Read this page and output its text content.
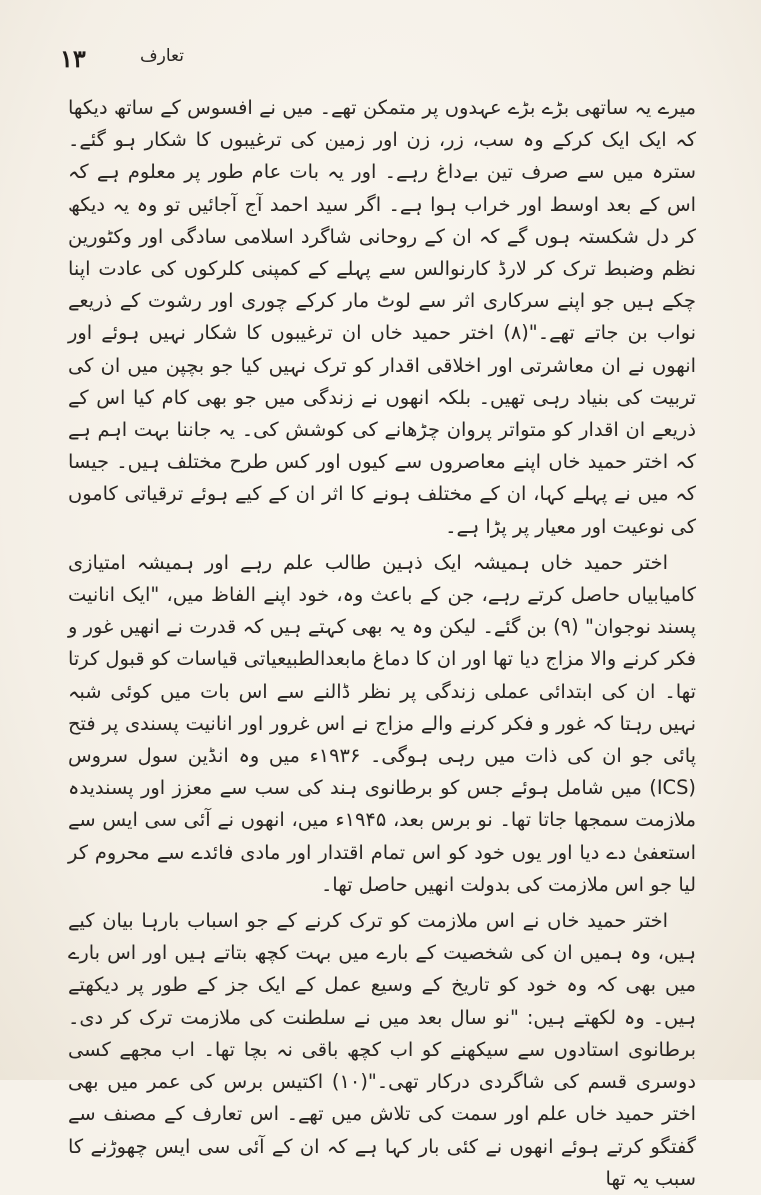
۱۳	تعارف

میرے یہ ساتھی بڑے بڑے عہدوں پر متمکن تھے۔ میں نے افسوس کے ساتھ دیکھا کہ ایک ایک کرکے وہ سب، زر، زن اور زمین کی ترغیبوں کا شکار ہو گئے۔ سترہ میں سے صرف تین بےداغ رہے۔ اور یہ بات عام طور پر معلوم ہے کہ اس کے بعد اوسط اور خراب ہوا ہے۔ اگر سید احمد آج آجائیں تو وہ یہ دیکھ کر دل شکستہ ہوں گے کہ ان کے روحانی شاگرد اسلامی سادگی اور وکٹورین نظم وضبط ترک کر لارڈ کارنوالس سے پہلے کے کمپنی کلرکوں کی عادت اپنا چکے ہیں جو اپنے سرکاری اثر سے لوٹ مار کرکے چوری اور رشوت کے ذریعے نواب بن جاتے تھے۔"(۸) اختر حمید خاں ان ترغیبوں کا شکار نہیں ہوئے اور انھوں نے ان معاشرتی اور اخلاقی اقدار کو ترک نہیں کیا جو بچپن میں ان کی تربیت کی بنیاد رہی تھیں۔ بلکہ انھوں نے زندگی میں جو بھی کام کیا اس کے ذریعے ان اقدار کو متواتر پروان چڑھانے کی کوشش کی۔ یہ جاننا بہت اہم ہے کہ اختر حمید خاں اپنے معاصروں سے کیوں اور کس طرح مختلف ہیں۔ جیسا کہ میں نے پہلے کہا، ان کے مختلف ہونے کا اثر ان کے کیے ہوئے ترقیاتی کاموں کی نوعیت اور معیار پر پڑا ہے۔

اختر حمید خاں ہمیشہ ایک ذہین طالب علم رہے اور ہمیشہ امتیازی کامیابیاں حاصل کرتے رہے، جن کے باعث وہ، خود اپنے الفاظ میں، "ایک انانیت پسند نوجوان" (۹) بن گئے۔ لیکن وہ یہ بھی کہتے ہیں کہ قدرت نے انھیں غور و فکر کرنے والا مزاج دیا تھا اور ان کا دماغ مابعدالطبیعیاتی قیاسات کو قبول کرتا تھا۔ ان کی ابتدائی عملی زندگی پر نظر ڈالنے سے اس بات میں کوئی شبہ نہیں رہتا کہ غور و فکر کرنے والے مزاج نے اس غرور اور انانیت پسندی پر فتح پائی جو ان کی ذات میں رہی ہوگی۔ ۱۹۳۶ء میں وہ انڈین سول سروس (ICS) میں شامل ہوئے جس کو برطانوی ہند کی سب سے معزز اور پسندیدہ ملازمت سمجھا جاتا تھا۔ نو برس بعد، ۱۹۴۵ء میں، انھوں نے آئی سی ایس سے استعفیٰ دے دیا اور یوں خود کو اس تمام اقتدار اور مادی فائدے سے محروم کر لیا جو اس ملازمت کی بدولت انھیں حاصل تھا۔

اختر حمید خاں نے اس ملازمت کو ترک کرنے کے جو اسباب بارہا بیان کیے ہیں، وہ ہمیں ان کی شخصیت کے بارے میں بہت کچھ بتاتے ہیں اور اس بارے میں بھی کہ وہ خود کو تاریخ کے وسیع عمل کے ایک جز کے طور پر دیکھتے ہیں۔ وہ لکھتے ہیں: "نو سال بعد میں نے سلطنت کی ملازمت ترک کر دی۔ برطانوی استادوں سے سیکھنے کو اب کچھ باقی نہ بچا تھا۔ اب مجھے کسی دوسری قسم کی شاگردی درکار تھی۔"(۱۰) اکتیس برس کی عمر میں بھی اختر حمید خاں علم اور سمت کی تلاش میں تھے۔ اس تعارف کے مصنف سے گفتگو کرتے ہوئے انھوں نے کئی بار کہا ہے کہ ان کے آئی سی ایس چھوڑنے کا سبب یہ تھا
